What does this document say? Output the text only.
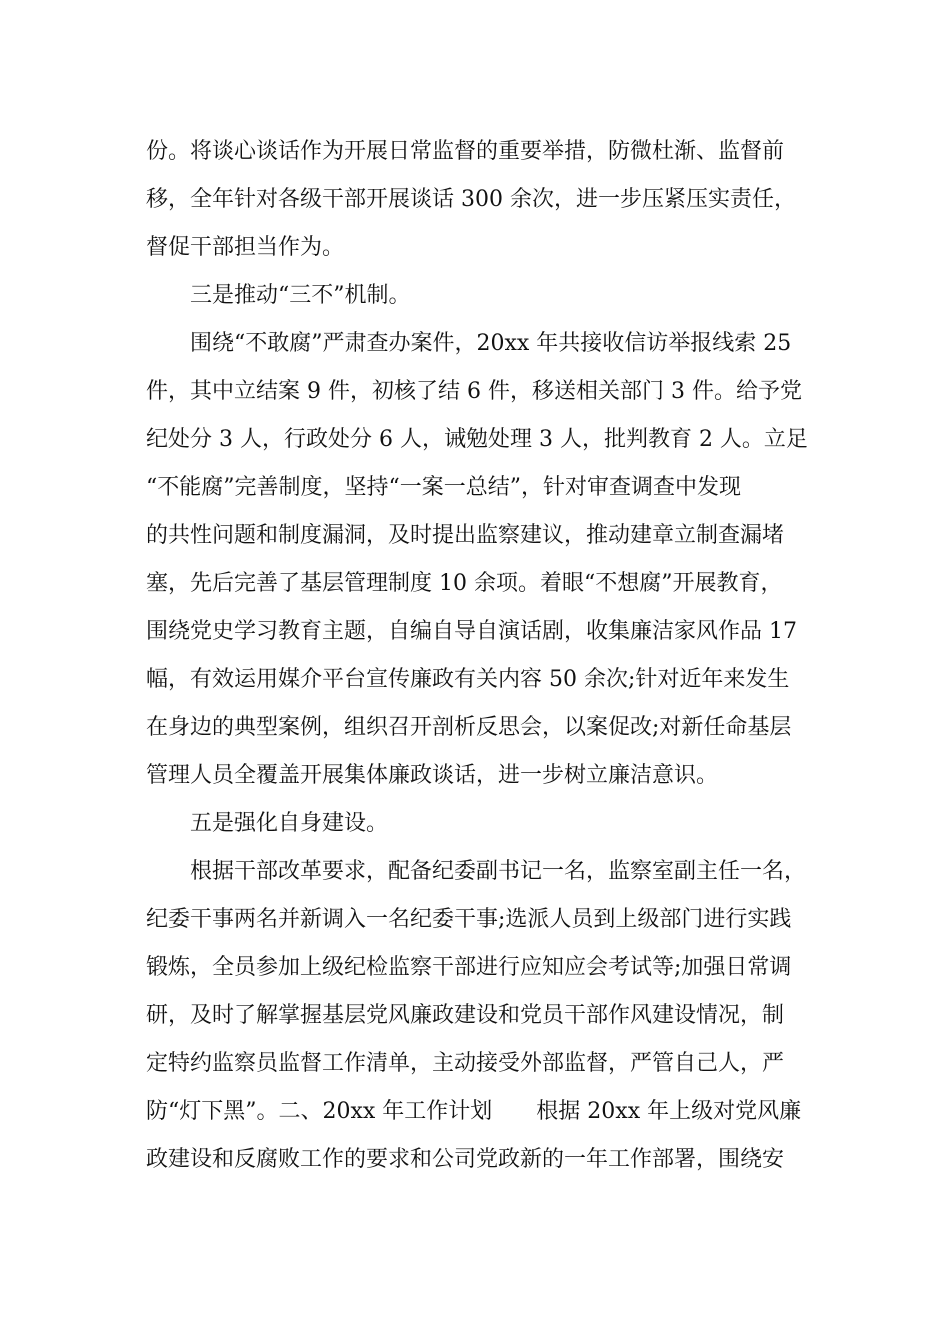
份。将谈心谈话作为开展日常监督的重要举措，防微杜渐、监督前

移，全年针对各级干部开展谈话 300 余次，进一步压紧压实责任，

督促干部担当作为。

三是推动“三不”机制。

围绕“不敢腐”严肃查办案件，20xx 年共接收信访举报线索 25

件，其中立结案 9 件，初核了结 6 件，移送相关部门 3 件。给予党

纪处分 3 人，行政处分 6 人，诫勉处理 3 人，批判教育 2 人。立足

“不能腐”完善制度，坚持“一案一总结”，针对审查调查中发现

的共性问题和制度漏洞，及时提出监察建议，推动建章立制查漏堵

塞，先后完善了基层管理制度 10 余项。着眼“不想腐”开展教育，

围绕党史学习教育主题，自编自导自演话剧，收集廉洁家风作品 17

幅，有效运用媒介平台宣传廉政有关内容 50 余次;针对近年来发生

在身边的典型案例，组织召开剖析反思会，以案促改;对新任命基层

管理人员全覆盖开展集体廉政谈话，进一步树立廉洁意识。

五是强化自身建设。

根据干部改革要求，配备纪委副书记一名，监察室副主任一名，

纪委干事两名并新调入一名纪委干事;选派人员到上级部门进行实践

锻炼，全员参加上级纪检监察干部进行应知应会考试等;加强日常调

研，及时了解掌握基层党风廉政建设和党员干部作风建设情况，制

定特约监察员监督工作清单，主动接受外部监督，严管自己人，严

防“灯下黑”。二、20xx 年工作计划　　根据 20xx 年上级对党风廉

政建设和反腐败工作的要求和公司党政新的一年工作部署，围绕安
